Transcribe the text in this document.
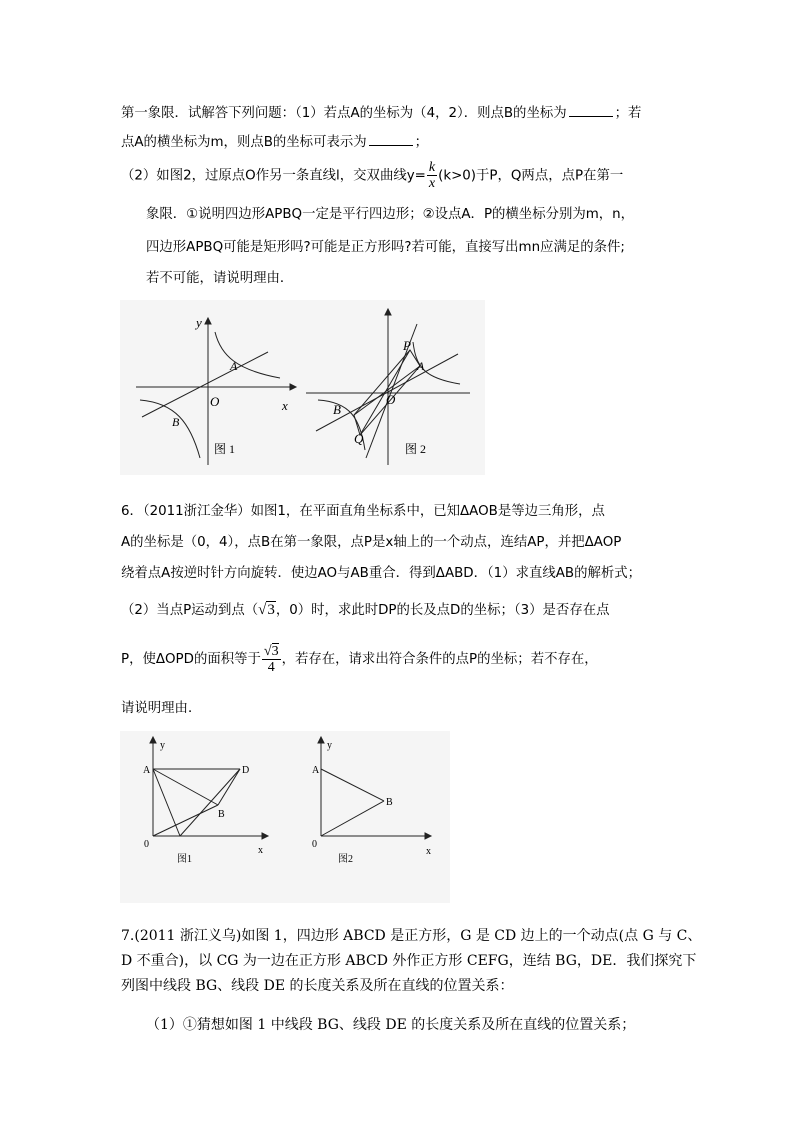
第一象限．试解答下列问题：（1）若点A的坐标为（4，2）．则点B的坐标为	；若
点A的横坐标为m，则点B的坐标可表示为	；
（2）如图2，过原点O作另一条直线l，交双曲线$y= \frac{k}{x} (k>0)$于P，Q两点，点P在第一
象限．①说明四边形APBQ一定是平行四边形；②设点A．P的横坐标分别为m，n，
四边形APBQ可能是矩形吗?可能是正方形吗?若可能，直接写出mn应满足的条件;
若不可能，请说明理由．
y
x
O
A
B
图 1
P
A
O
B
Q
图 2
6．（2011浙江金华）如图1，在平面直角坐标系中，已知ΔAOB是等边三角形，点
A的坐标是（0，4），点B在第一象限，点P是x轴上的一个动点，连结AP，并把ΔAOP
绕着点A按逆时针方向旋转．使边AO与AB重合．得到ΔABD．（1）求直线AB的解析式；
（2）当点P运动到点（√3，0）时，求此时DP的长及点D的坐标；（3）是否存在点
P，使ΔOPD的面积等于 $\frac{√3}{4}$ ，若存在，请求出符合条件的点P的坐标；若不存在，
请说明理由．
y
A	D
B
0
x
图1
y
A
B
0
x
图2
7.(2011 浙江义乌)如图 1，四边形 ABCD 是正方形，G 是 CD 边上的一个动点(点 G 与 C、
D 不重合)，以 CG 为一边在正方形 ABCD 外作正方形 CEFG，连结 BG，DE．我们探究下
列图中线段 BG、线段 DE 的长度关系及所在直线的位置关系：
（1）①猜想如图 1 中线段 BG、线段 DE 的长度关系及所在直线的位置关系；
